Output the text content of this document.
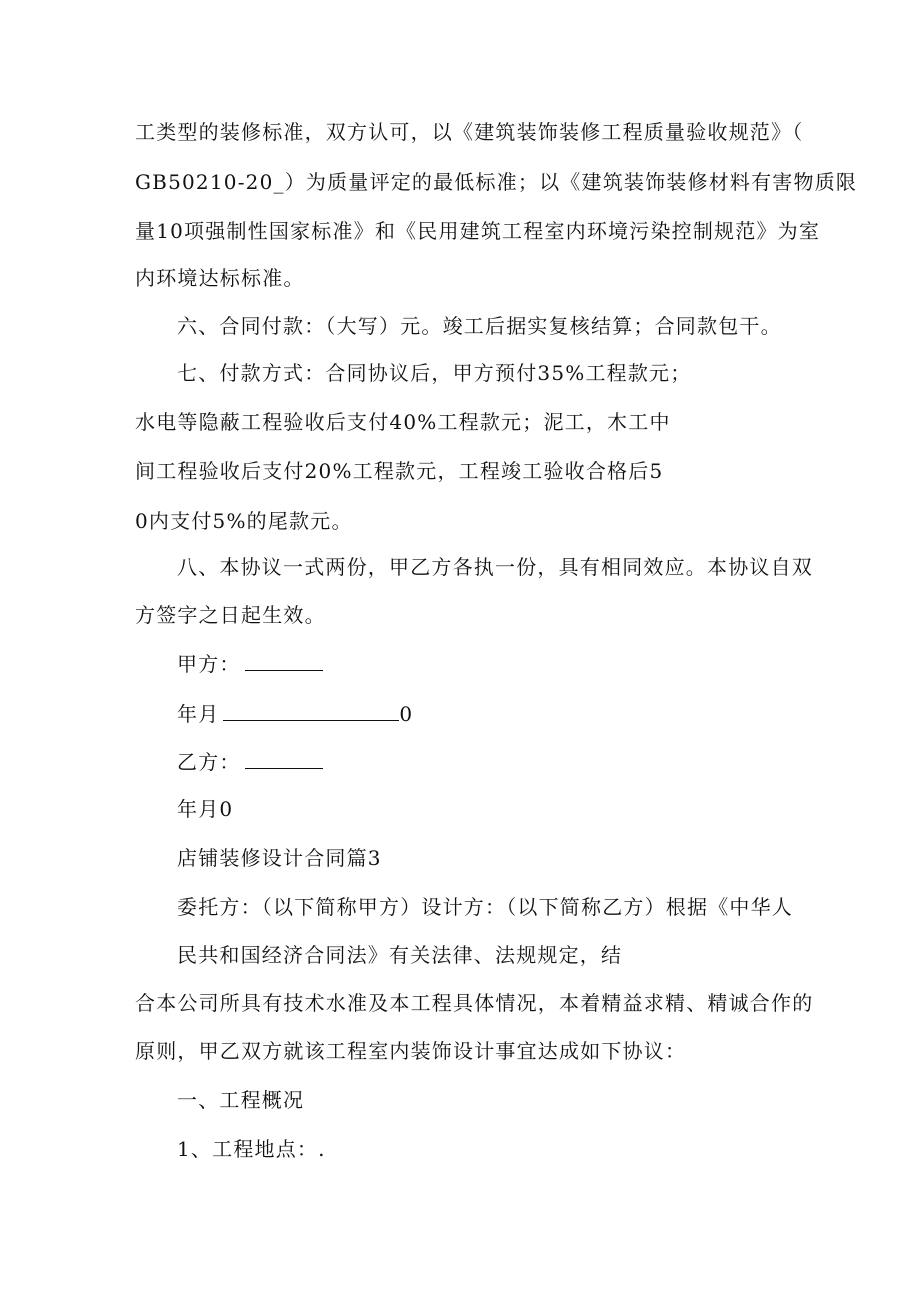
工类型的装修标准，双方认可，以《建筑装饰装修工程质量验收规范》（
GB50210-20_）为质量评定的最低标准；以《建筑装饰装修材料有害物质限
量10项强制性国家标准》和《民用建筑工程室内环境污染控制规范》为室
内环境达标标准。
六、合同付款：（大写）元。竣工后据实复核结算；合同款包干。
七、付款方式：合同协议后，甲方预付35%工程款元；
水电等隐蔽工程验收后支付40%工程款元；泥工，木工中
间工程验收后支付20%工程款元，工程竣工验收合格后5
0内支付5%的尾款元。
八、本协议一式两份，甲乙方各执一份，具有相同效应。本协议自双
方签字之日起生效。
甲方：
年月	0
乙方：
年月0
店铺装修设计合同篇3
委托方：（以下简称甲方）设计方：（以下简称乙方）根据《中华人
民共和国经济合同法》有关法律、法规规定，结
合本公司所具有技术水准及本工程具体情况，本着精益求精、精诚合作的
原则，甲乙双方就该工程室内装饰设计事宜达成如下协议：
一、工程概况
1、工程地点：.
